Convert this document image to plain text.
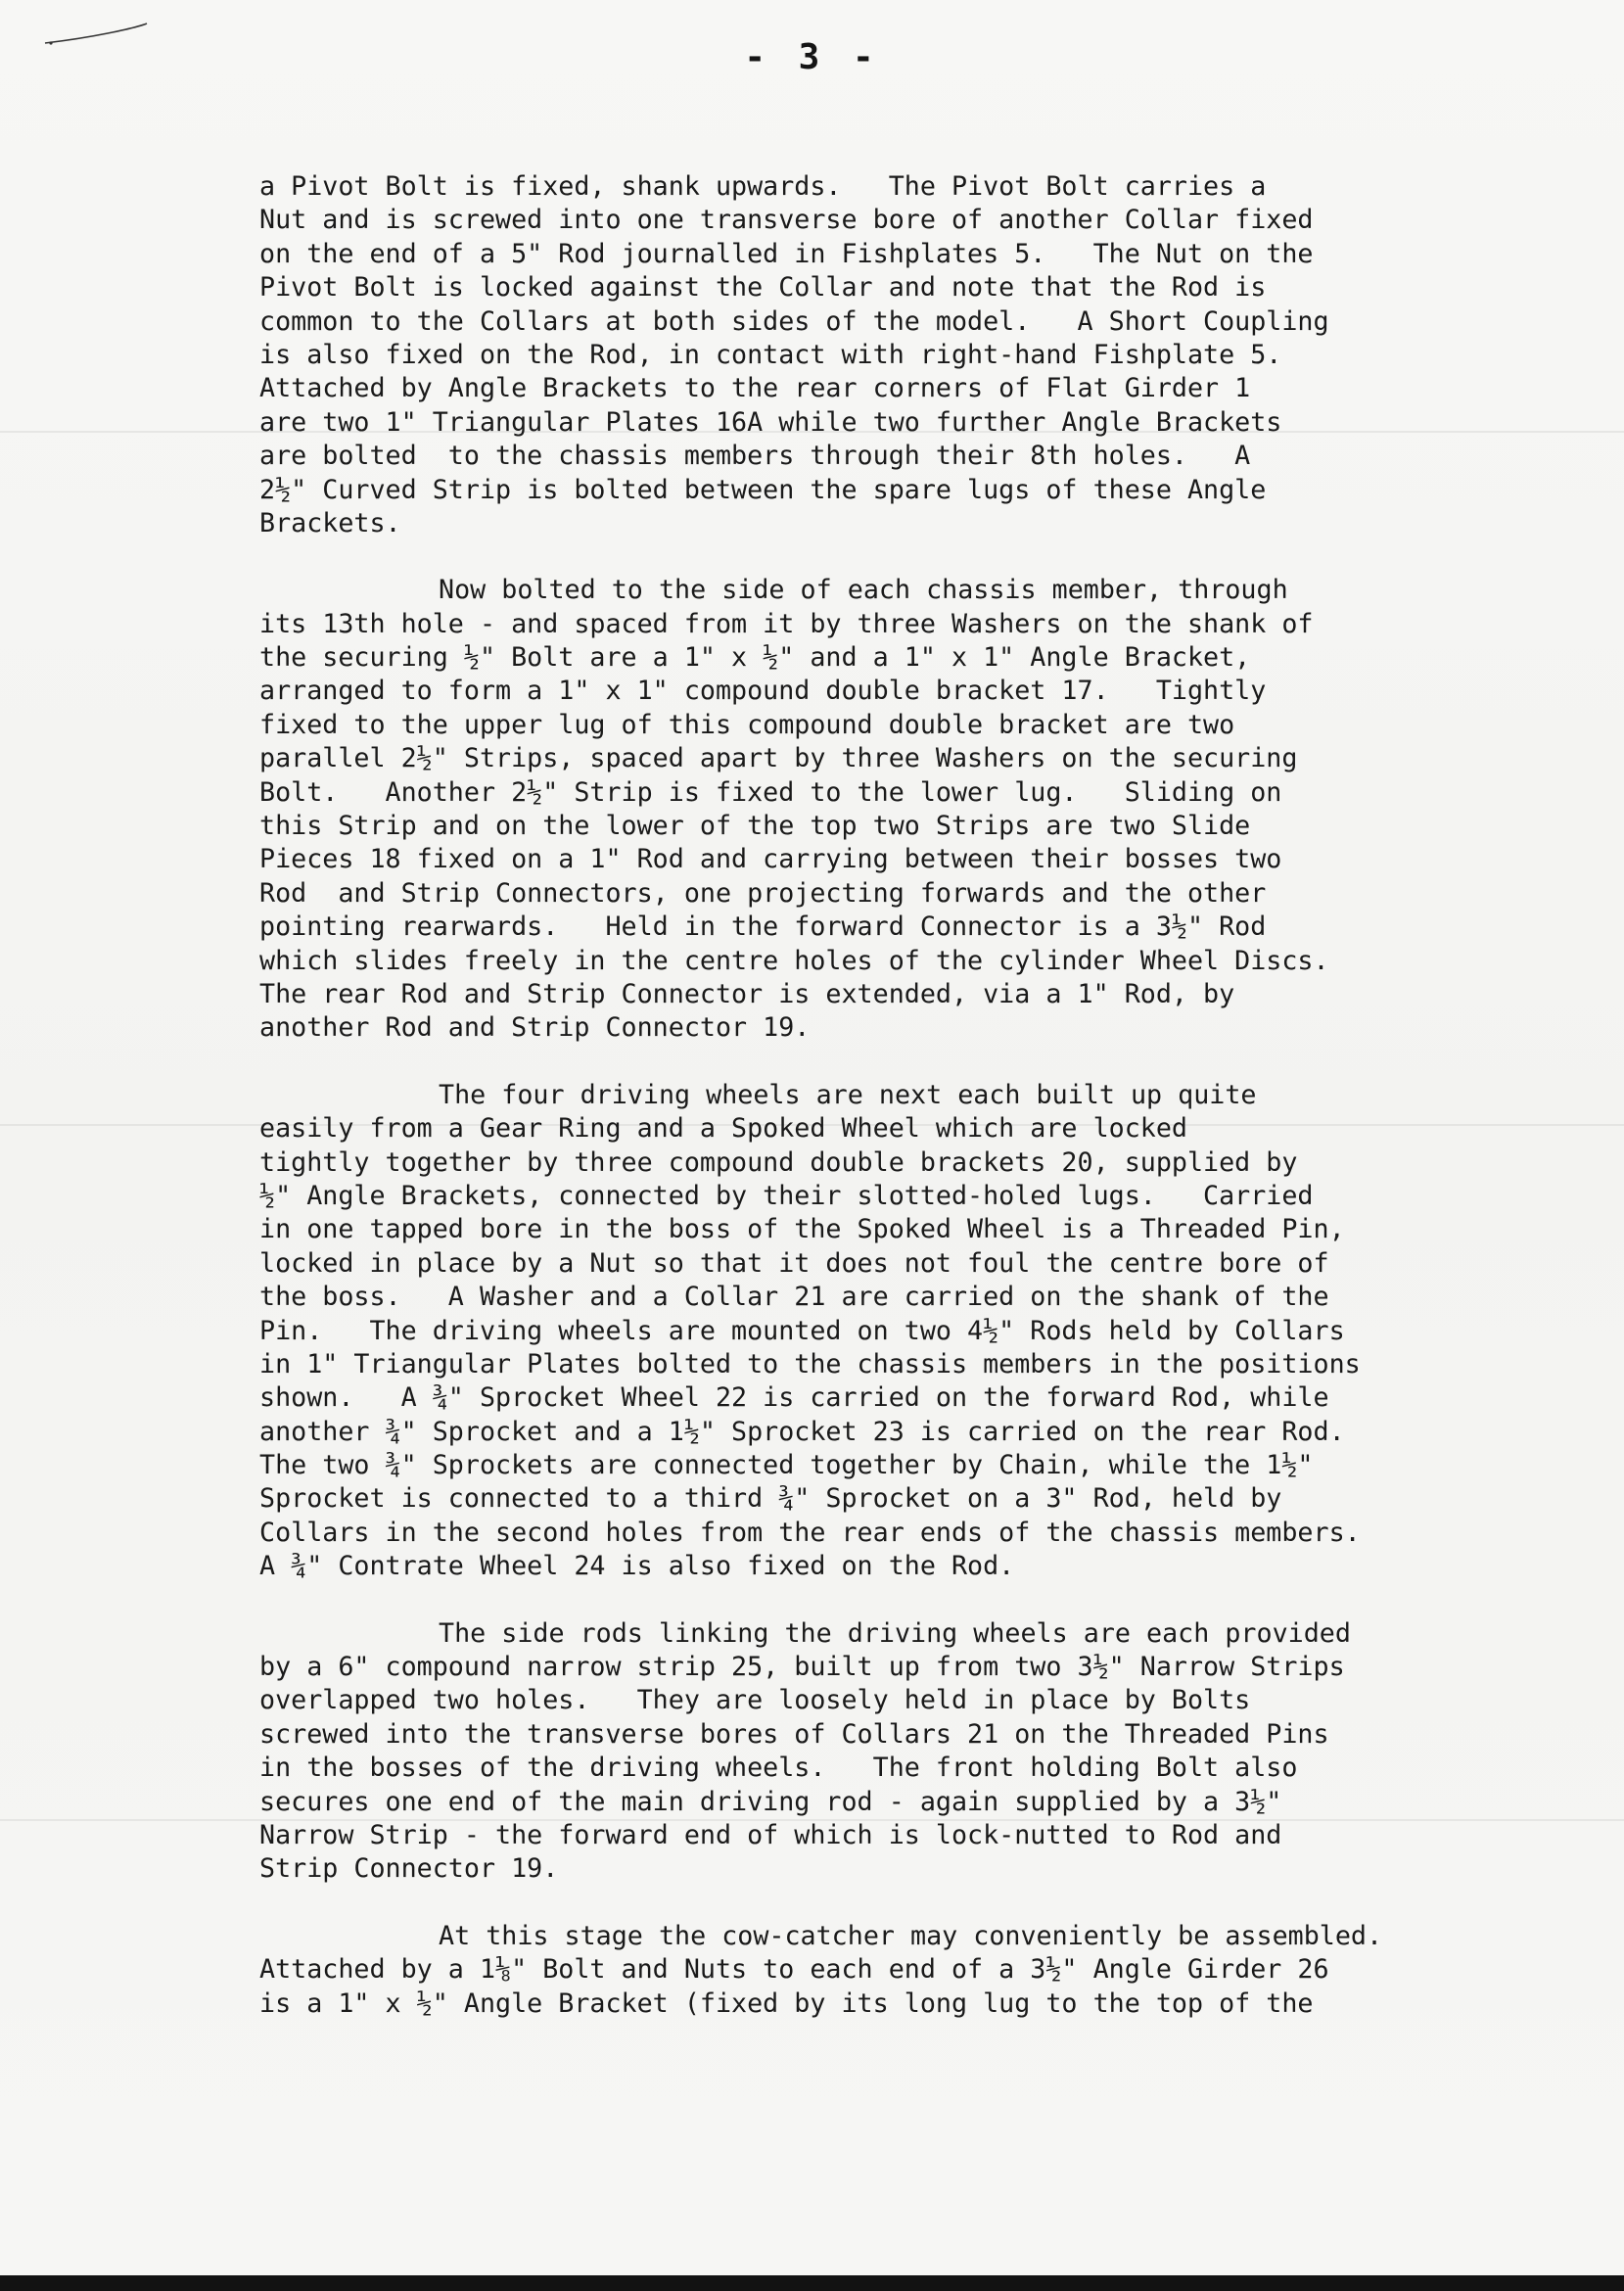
- 3 -
a Pivot Bolt is fixed, shank upwards.   The Pivot Bolt carries a
Nut and is screwed into one transverse bore of another Collar fixed
on the end of a 5" Rod journalled in Fishplates 5.   The Nut on the
Pivot Bolt is locked against the Collar and note that the Rod is
common to the Collars at both sides of the model.   A Short Coupling
is also fixed on the Rod, in contact with right-hand Fishplate 5.
Attached by Angle Brackets to the rear corners of Flat Girder 1
are two 1" Triangular Plates 16A while two further Angle Brackets
are bolted  to the chassis members through their 8th holes.   A
2½" Curved Strip is bolted between the spare lugs of these Angle
Brackets.
Now bolted to the side of each chassis member, through
its 13th hole - and spaced from it by three Washers on the shank of
the securing ½" Bolt are a 1" x ½" and a 1" x 1" Angle Bracket,
arranged to form a 1" x 1" compound double bracket 17.   Tightly
fixed to the upper lug of this compound double bracket are two
parallel 2½" Strips, spaced apart by three Washers on the securing
Bolt.   Another 2½" Strip is fixed to the lower lug.   Sliding on
this Strip and on the lower of the top two Strips are two Slide
Pieces 18 fixed on a 1" Rod and carrying between their bosses two
Rod  and Strip Connectors, one projecting forwards and the other
pointing rearwards.   Held in the forward Connector is a 3½" Rod
which slides freely in the centre holes of the cylinder Wheel Discs.
The rear Rod and Strip Connector is extended, via a 1" Rod, by
another Rod and Strip Connector 19.
The four driving wheels are next each built up quite
easily from a Gear Ring and a Spoked Wheel which are locked
tightly together by three compound double brackets 20, supplied by
½" Angle Brackets, connected by their slotted-holed lugs.   Carried
in one tapped bore in the boss of the Spoked Wheel is a Threaded Pin,
locked in place by a Nut so that it does not foul the centre bore of
the boss.   A Washer and a Collar 21 are carried on the shank of the
Pin.   The driving wheels are mounted on two 4½" Rods held by Collars
in 1" Triangular Plates bolted to the chassis members in the positions
shown.   A ¾" Sprocket Wheel 22 is carried on the forward Rod, while
another ¾" Sprocket and a 1½" Sprocket 23 is carried on the rear Rod.
The two ¾" Sprockets are connected together by Chain, while the 1½"
Sprocket is connected to a third ¾" Sprocket on a 3" Rod, held by
Collars in the second holes from the rear ends of the chassis members.
A ¾" Contrate Wheel 24 is also fixed on the Rod.
The side rods linking the driving wheels are each provided
by a 6" compound narrow strip 25, built up from two 3½" Narrow Strips
overlapped two holes.   They are loosely held in place by Bolts
screwed into the transverse bores of Collars 21 on the Threaded Pins
in the bosses of the driving wheels.   The front holding Bolt also
secures one end of the main driving rod - again supplied by a 3½"
Narrow Strip - the forward end of which is lock-nutted to Rod and
Strip Connector 19.
At this stage the cow-catcher may conveniently be assembled.
Attached by a 1⅛" Bolt and Nuts to each end of a 3½" Angle Girder 26
is a 1" x ½" Angle Bracket (fixed by its long lug to the top of the
